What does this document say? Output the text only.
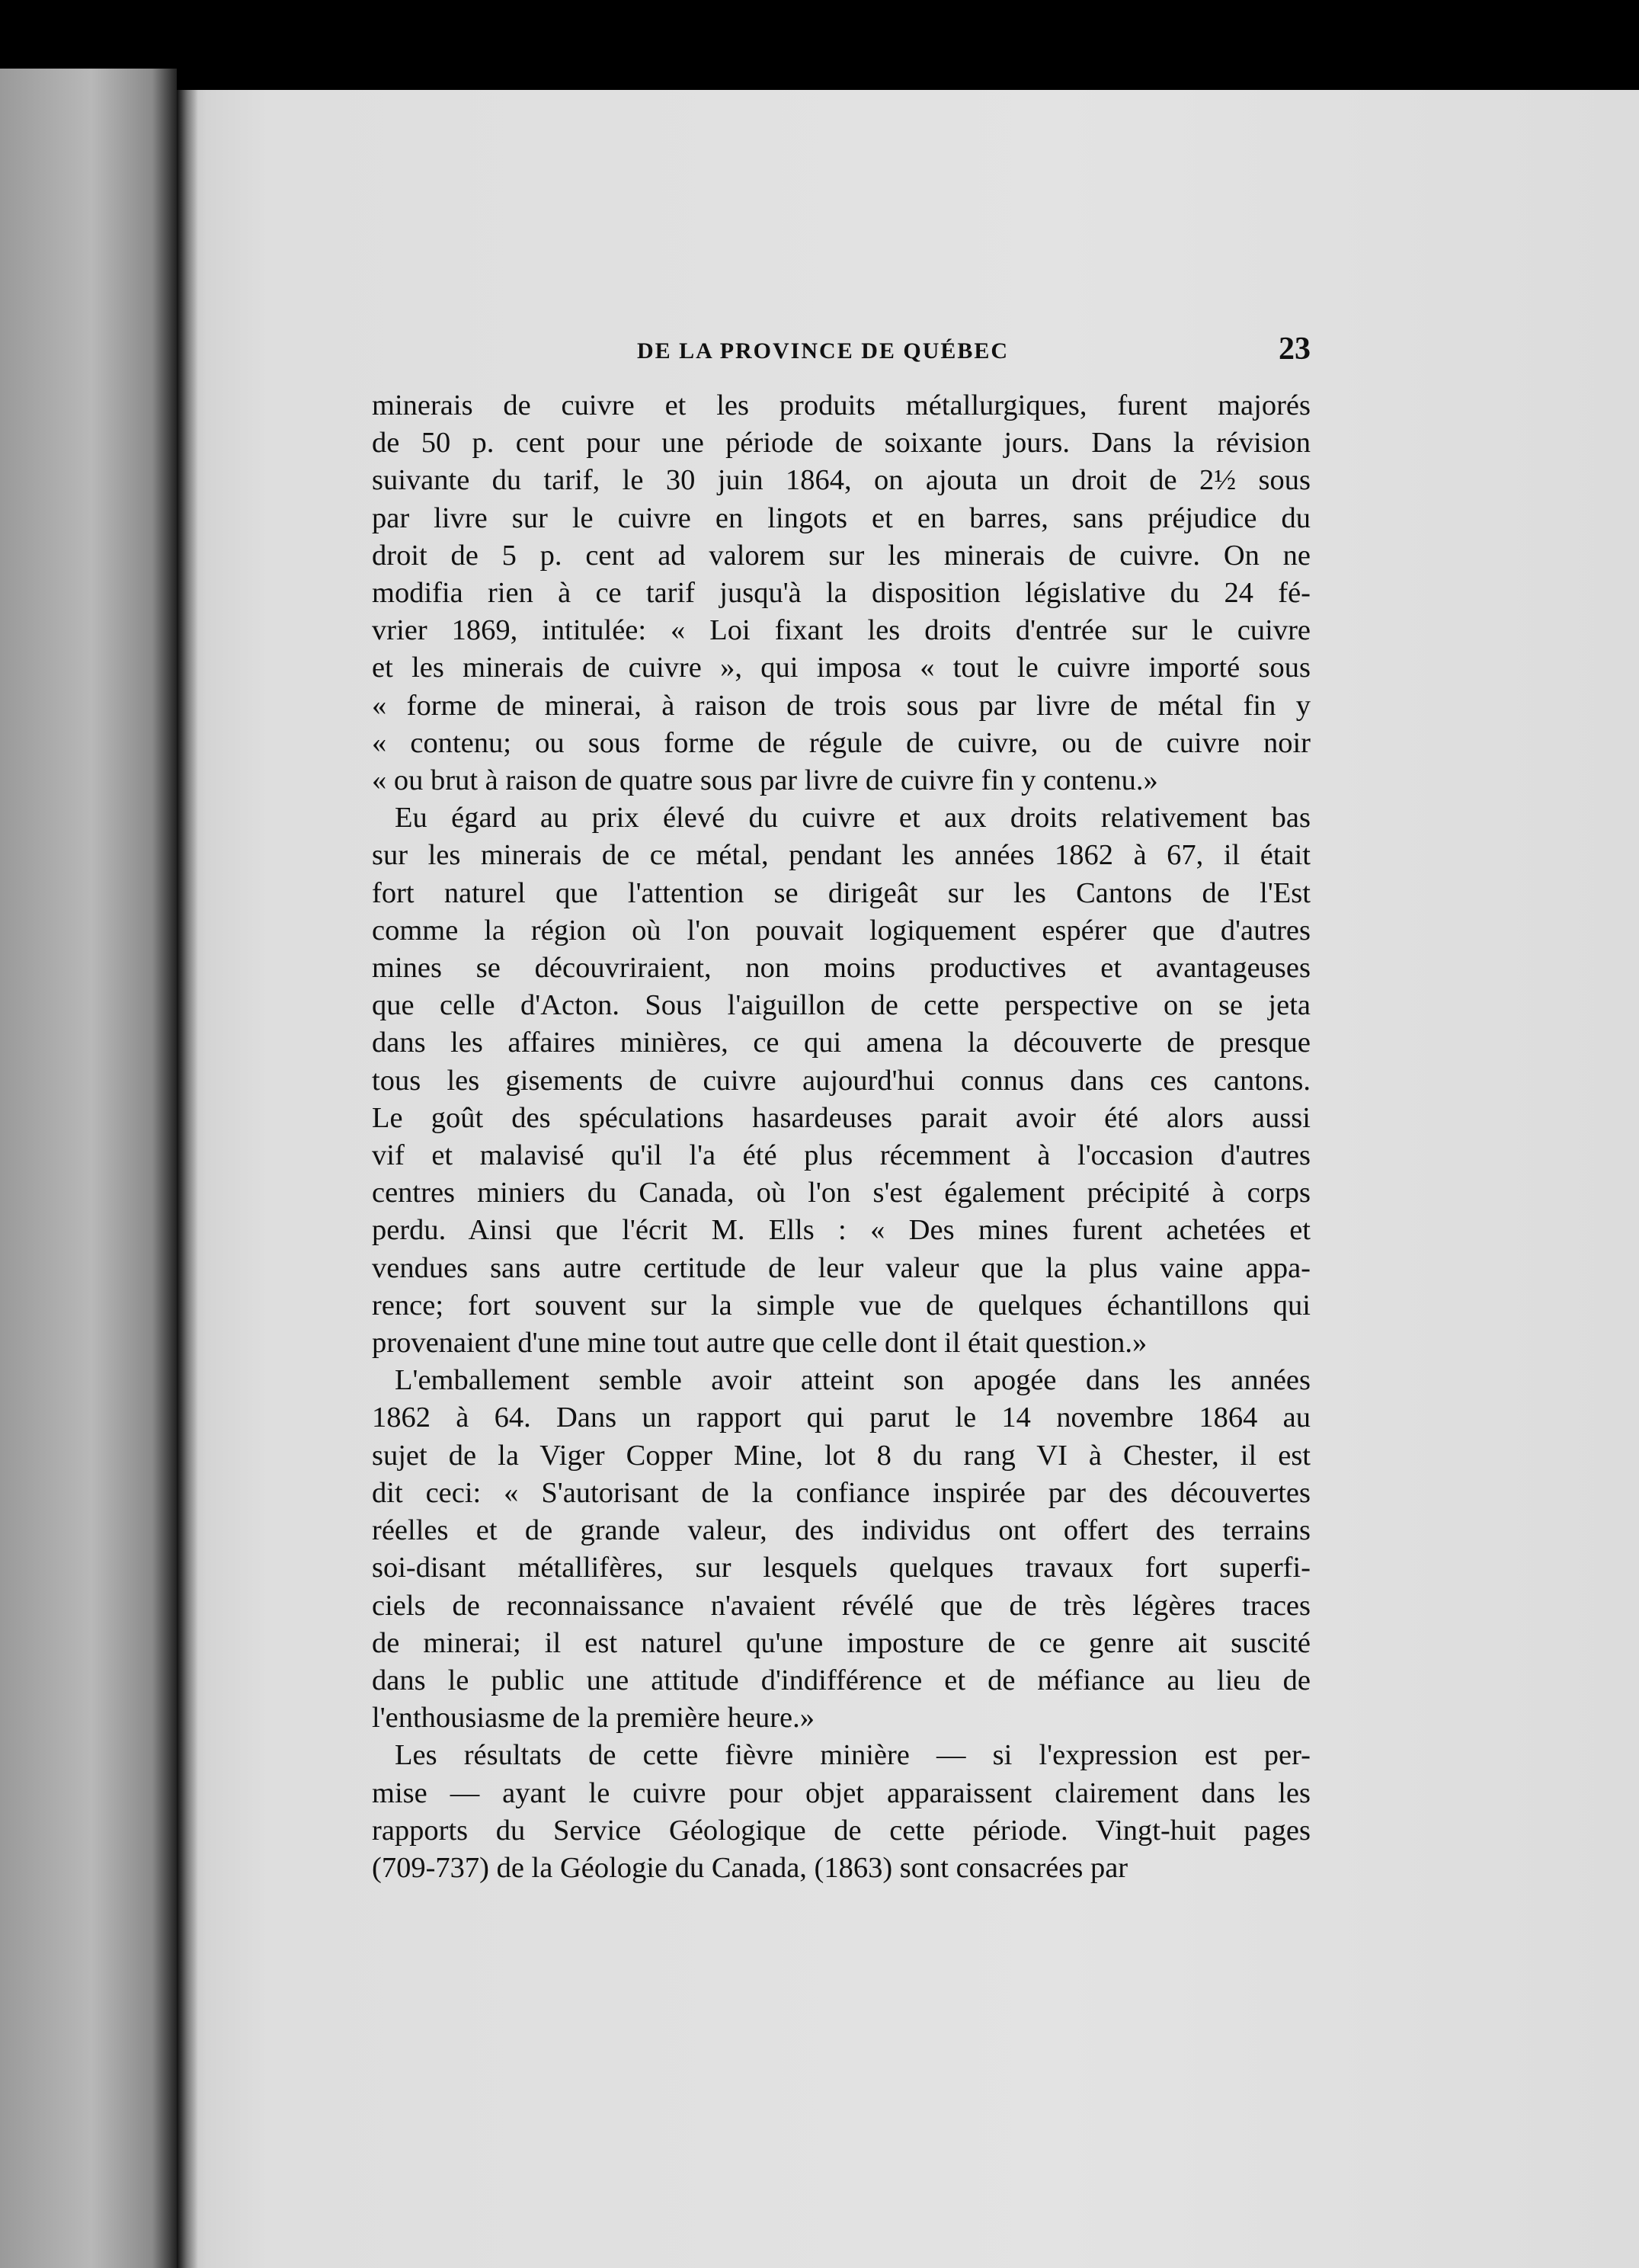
DE LA PROVINCE DE QUÉBEC	23
minerais de cuivre et les produits métallurgiques, furent majorés
de 50 p. cent pour une période de soixante jours. Dans la révision
suivante du tarif, le 30 juin 1864, on ajouta un droit de 2½ sous
par livre sur le cuivre en lingots et en barres, sans préjudice du
droit de 5 p. cent ad valorem sur les minerais de cuivre. On ne
modifia rien à ce tarif jusqu'à la disposition législative du 24 fé-
vrier 1869, intitulée: « Loi fixant les droits d'entrée sur le cuivre
et les minerais de cuivre », qui imposa « tout le cuivre importé sous
« forme de minerai, à raison de trois sous par livre de métal fin y
« contenu; ou sous forme de régule de cuivre, ou de cuivre noir
« ou brut à raison de quatre sous par livre de cuivre fin y contenu.»
Eu égard au prix élevé du cuivre et aux droits relativement bas
sur les minerais de ce métal, pendant les années 1862 à 67, il était
fort naturel que l'attention se dirigeât sur les Cantons de l'Est
comme la région où l'on pouvait logiquement espérer que d'autres
mines se découvriraient, non moins productives et avantageuses
que celle d'Acton. Sous l'aiguillon de cette perspective on se jeta
dans les affaires minières, ce qui amena la découverte de presque
tous les gisements de cuivre aujourd'hui connus dans ces cantons.
Le goût des spéculations hasardeuses parait avoir été alors aussi
vif et malavisé qu'il l'a été plus récemment à l'occasion d'autres
centres miniers du Canada, où l'on s'est également précipité à corps
perdu. Ainsi que l'écrit M. Ells : « Des mines furent achetées et
vendues sans autre certitude de leur valeur que la plus vaine appa-
rence; fort souvent sur la simple vue de quelques échantillons qui
provenaient d'une mine tout autre que celle dont il était question.»
L'emballement semble avoir atteint son apogée dans les années
1862 à 64. Dans un rapport qui parut le 14 novembre 1864 au
sujet de la Viger Copper Mine, lot 8 du rang VI à Chester, il est
dit ceci: « S'autorisant de la confiance inspirée par des découvertes
réelles et de grande valeur, des individus ont offert des terrains
soi-disant métallifères, sur lesquels quelques travaux fort superfi-
ciels de reconnaissance n'avaient révélé que de très légères traces
de minerai; il est naturel qu'une imposture de ce genre ait suscité
dans le public une attitude d'indifférence et de méfiance au lieu de
l'enthousiasme de la première heure.»
Les résultats de cette fièvre minière — si l'expression est per-
mise — ayant le cuivre pour objet apparaissent clairement dans les
rapports du Service Géologique de cette période. Vingt-huit pages
(709-737) de la Géologie du Canada, (1863) sont consacrées par
